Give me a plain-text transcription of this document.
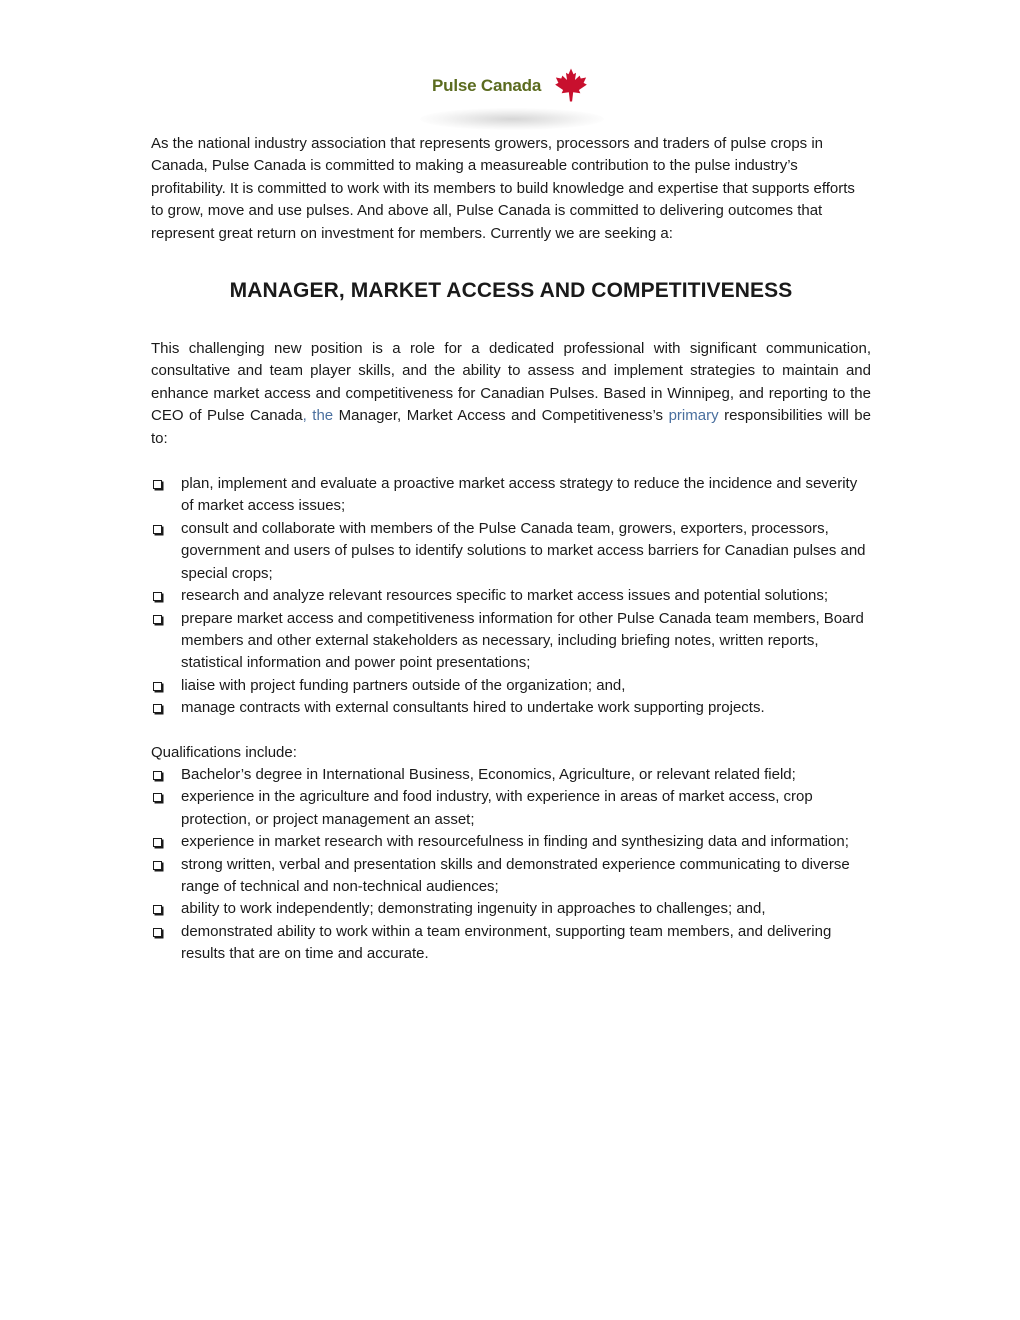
Pulse Canada

As the national industry association that represents growers, processors and traders of pulse crops in Canada, Pulse Canada is committed to making a measureable contribution to the pulse industry’s profitability. It is committed to work with its members to build knowledge and expertise that supports efforts to grow, move and use pulses. And above all, Pulse Canada is committed to delivering outcomes that represent great return on investment for members. Currently we are seeking a:

MANAGER, MARKET ACCESS AND COMPETITIVENESS

This challenging new position is a role for a dedicated professional with significant communication, consultative and team player skills, and the ability to assess and implement strategies to maintain and enhance market access and competitiveness for Canadian Pulses. Based in Winnipeg, and reporting to the CEO of Pulse Canada, the Manager, Market Access and Competitiveness’s primary responsibilities will be to:

plan, implement and evaluate a proactive market access strategy to reduce the incidence and severity of market access issues;
consult and collaborate with members of the Pulse Canada team, growers, exporters, processors, government and users of pulses to identify solutions to market access barriers for Canadian pulses and special crops;
research and analyze relevant resources specific to market access issues and potential solutions;
prepare market access and competitiveness information for other Pulse Canada team members, Board members and other external stakeholders as necessary, including briefing notes, written reports, statistical information and power point presentations;
liaise with project funding partners outside of the organization; and,
manage contracts with external consultants hired to undertake work supporting projects.

Qualifications include:

Bachelor’s degree in International Business, Economics, Agriculture, or relevant related field;
experience in the agriculture and food industry, with experience in areas of market access, crop protection, or project management an asset;
experience in market research with resourcefulness in finding and synthesizing data and information;
strong written, verbal and presentation skills and demonstrated experience communicating to diverse range of technical and non-technical audiences;
ability to work independently; demonstrating ingenuity in approaches to challenges; and,
demonstrated ability to work within a team environment, supporting team members, and delivering results that are on time and accurate.
